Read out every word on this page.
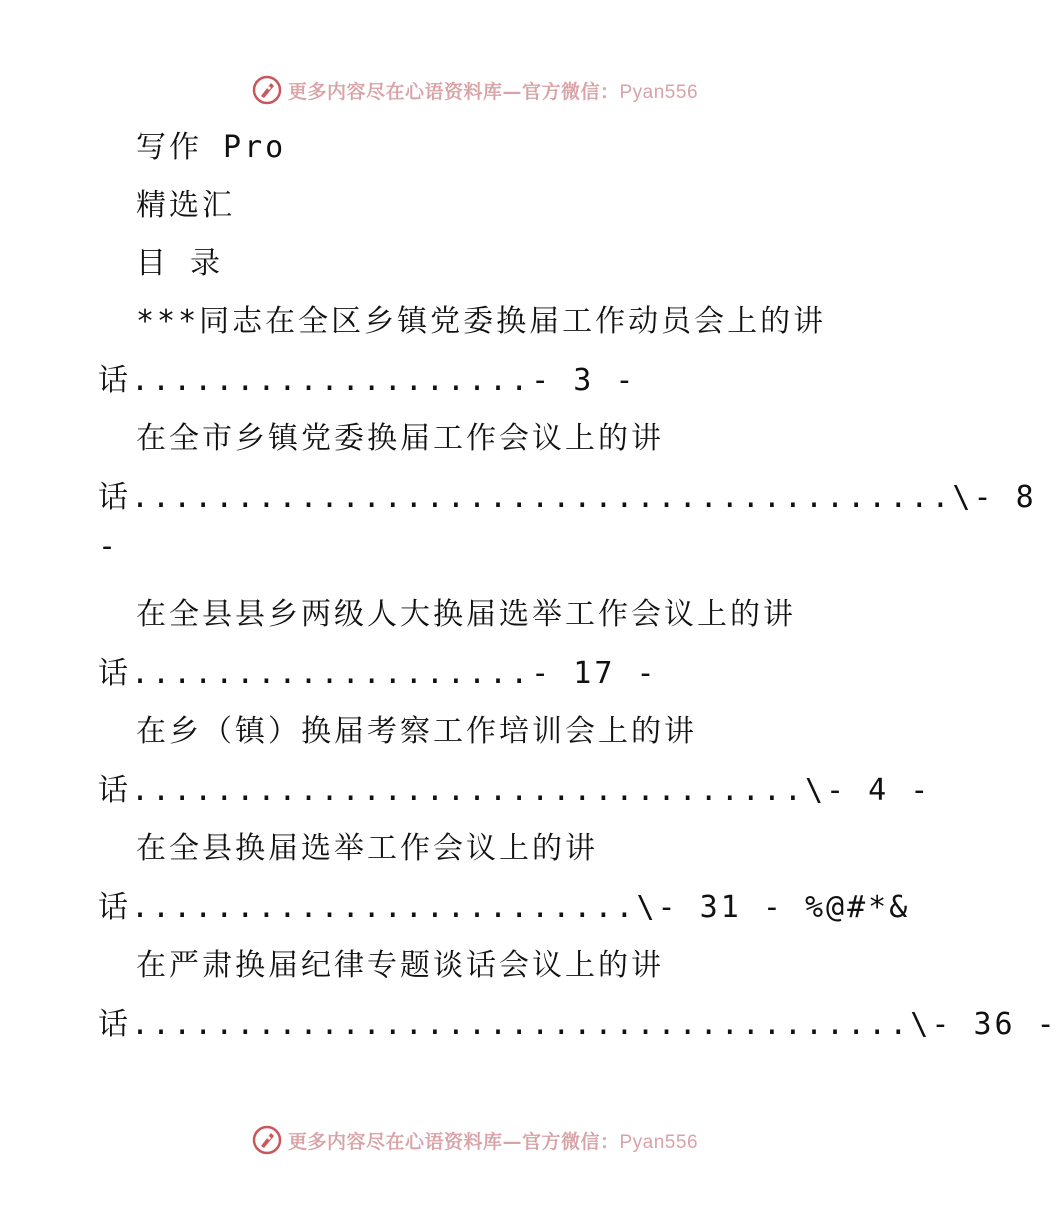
更多内容尽在心语资料库—官方微信：Pyan556
写作 Pro
精选汇
目 录
***同志在全区乡镇党委换届工作动员会上的讲
话...................- 3 -
在全市乡镇党委换届工作会议上的讲
话.......................................\- 8
-
在全县县乡两级人大换届选举工作会议上的讲
话...................- 17 -
在乡（镇）换届考察工作培训会上的讲
话................................\- 4 -
在全县换届选举工作会议上的讲
话........................\- 31 - %@#*&
在严肃换届纪律专题谈话会议上的讲
话.....................................\- 36 -
更多内容尽在心语资料库—官方微信：Pyan556
